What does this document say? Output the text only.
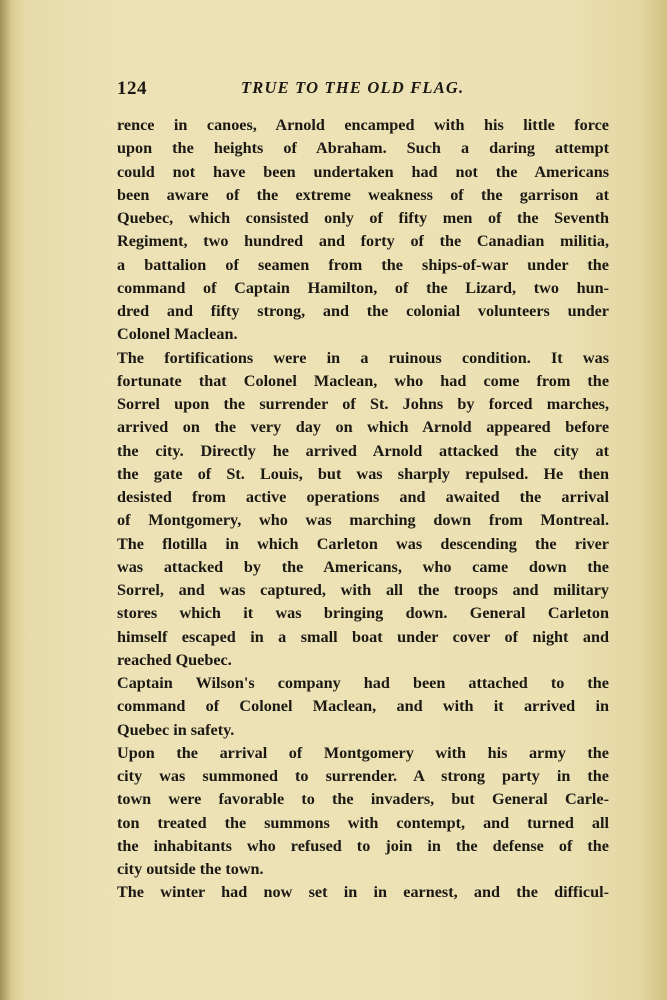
124	TRUE TO THE OLD FLAG.
rence in canoes, Arnold encamped with his little force
upon the heights of Abraham. Such a daring attempt
could not have been undertaken had not the Americans
been aware of the extreme weakness of the garrison at
Quebec, which consisted only of fifty men of the Seventh
Regiment, two hundred and forty of the Canadian militia,
a battalion of seamen from the ships-of-war under the
command of Captain Hamilton, of the Lizard, two hun-
dred and fifty strong, and the colonial volunteers under
Colonel Maclean.
The fortifications were in a ruinous condition. It was
fortunate that Colonel Maclean, who had come from the
Sorrel upon the surrender of St. Johns by forced marches,
arrived on the very day on which Arnold appeared before
the city. Directly he arrived Arnold attacked the city at
the gate of St. Louis, but was sharply repulsed. He then
desisted from active operations and awaited the arrival
of Montgomery, who was marching down from Montreal.
The flotilla in which Carleton was descending the river
was attacked by the Americans, who came down the
Sorrel, and was captured, with all the troops and military
stores which it was bringing down. General Carleton
himself escaped in a small boat under cover of night and
reached Quebec.
Captain Wilson's company had been attached to the
command of Colonel Maclean, and with it arrived in
Quebec in safety.
Upon the arrival of Montgomery with his army the
city was summoned to surrender. A strong party in the
town were favorable to the invaders, but General Carle-
ton treated the summons with contempt, and turned all
the inhabitants who refused to join in the defense of the
city outside the town.
The winter had now set in in earnest, and the difficul-
